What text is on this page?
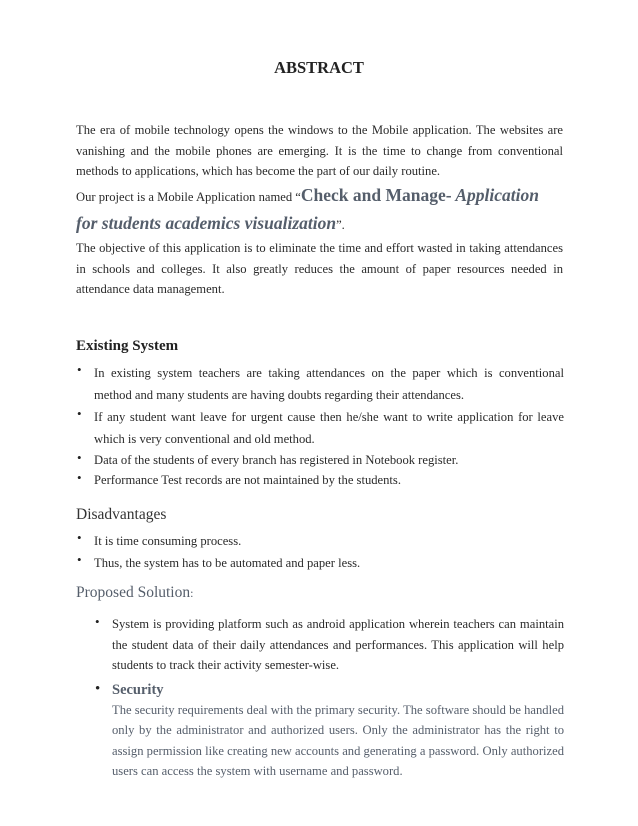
ABSTRACT
The era of mobile technology opens the windows to the Mobile application. The websites are vanishing and the mobile phones are emerging. It is the time to change from conventional methods to applications, which has become the part of our daily routine.
Our project is a Mobile Application named “Check and Manage- Application for students academics visualization”.
The objective of this application is to eliminate the time and effort wasted in taking attendances in schools and colleges. It also greatly reduces the amount of paper resources needed in attendance data management.
Existing System
• In existing system teachers are taking attendances on the paper which is conventional method and many students are having doubts regarding their attendances.
• If any student want leave for urgent cause then he/she want to write application for leave which is very conventional and old method.
• Data of the students of every branch has registered in Notebook register.
• Performance Test records are not maintained by the students.
Disadvantages
• It is time consuming process.
• Thus, the system has to be automated and paper less.
Proposed Solution:
• System is providing platform such as android application wherein teachers can maintain the student data of their daily attendances and performances. This application will help students to track their activity semester-wise.
• Security
The security requirements deal with the primary security. The software should be handled only by the administrator and authorized users. Only the administrator has the right to assign permission like creating new accounts and generating a password. Only authorized users can access the system with username and password.
